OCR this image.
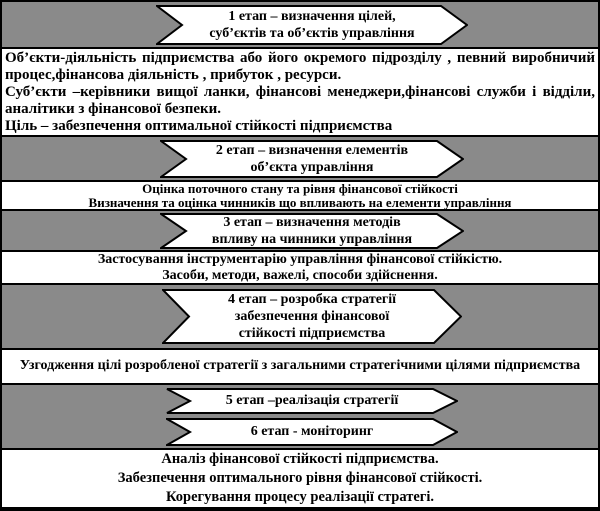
1 етап – визначення цілей,
суб’єктів та об’єктів управління

Об’єкти-діяльність підприємства або його окремого підрозділу , певний виробничий процес,фінансова діяльність , прибуток , ресурси.

Суб’єкти –керівники вищої ланки, фінансові менеджери,фінансові служби і відділи, аналітики з фінансової безпеки.

Ціль – забезпечення оптимальної стійкості підприємства

2 етап – визначення елементів
об’єкта управління

Оцінка поточного стану та рівня фінансової стійкості

Визначення та оцінка чинників що впливають на елементи управління

3 етап – визначення методів
впливу на чинники управління

Застосування інструментарію управління фінансової стійкістю.

Засоби, методи, важелі, способи здійснення.

4 етап – розробка стратегії
забезпечення фінансової
стійкості підприємства

Узгодження цілі розробленої стратегії з загальними стратегічними цілями підприємства

5 етап –реалізація стратегії
6 етап - моніторинг

Аналіз фінансової стійкості підприємства.

Забезпечення оптимального рівня фінансової стійкості.

Корегування процесу реалізації стратегі.
